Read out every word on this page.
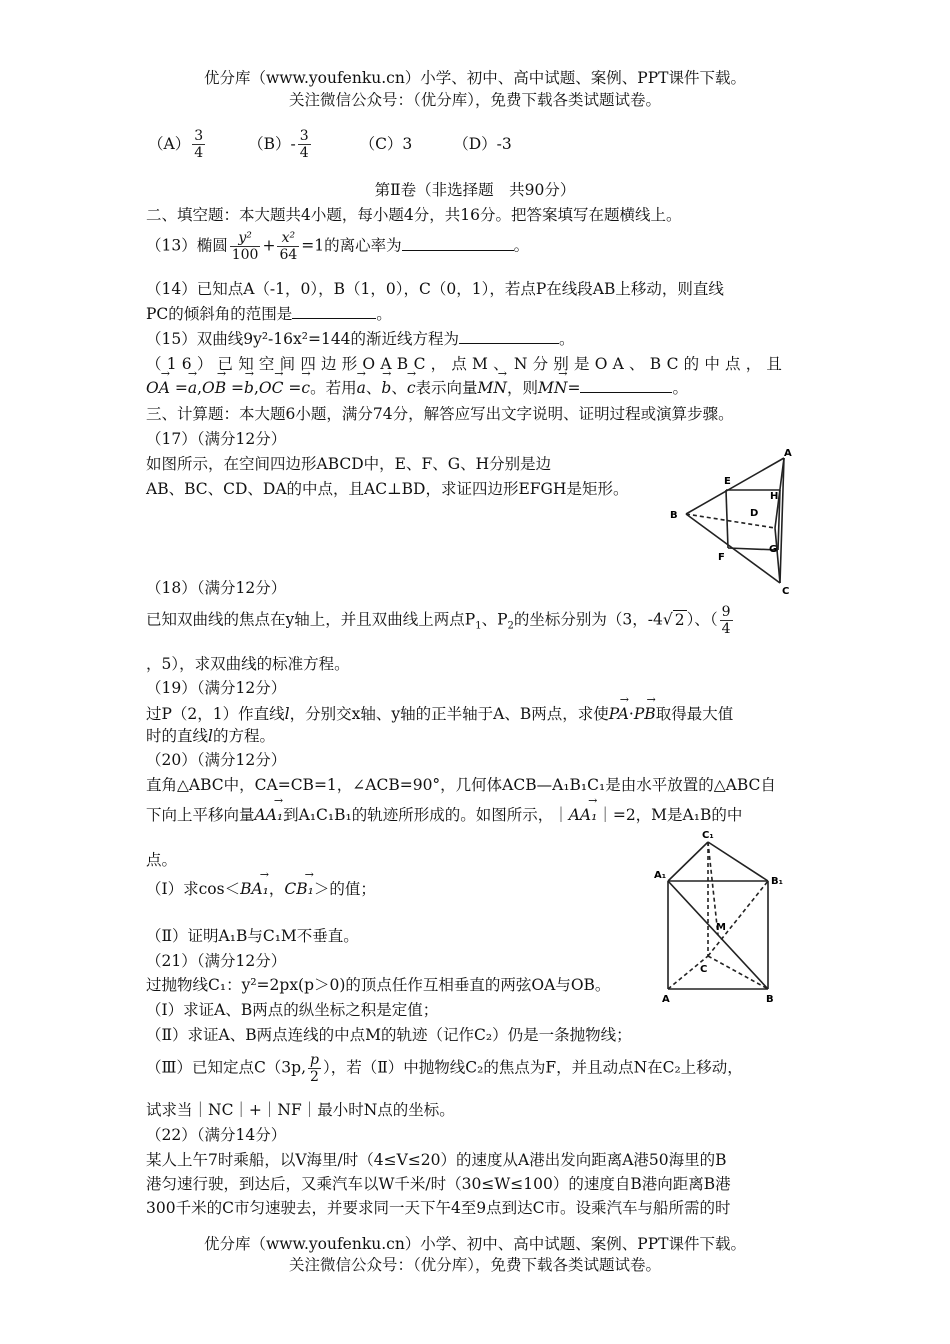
优分库（www.youfenku.cn）小学、初中、高中试题、案例、PPT课件下载。
关注微信公众号：（优分库），免费下载各类试题试卷。
$(A) \frac{3}{4}$	$(B)- \frac{3}{4}$	（C）3	（D）-3
第Ⅱ卷（非选择题　共90分）
二、填空题：本大题共4小题，每小题4分，共16分。把答案填写在题横线上。
（13）椭圆 $\frac{\text{y²}}{100} + \frac{\text{x²}}{64} =1$的离心率为	。
（14）已知点A（-1，0），B（1，0），C（0，1），若点P在线段AB上移动，则直线
PC的倾斜角的范围是	。
（15）双曲线9y²-16x²=144的渐近线方程为	。
（16）已知空间四边形OABC，点M、N分别是OA、BC的中点，且
→ OA =→ a,→ OB =→ b,→ OC =→ c。若用→ a、→ b、→ c表示向量→ MN，则→ MN=	。
三、计算题：本大题6小题，满分74分，解答应写出文字说明、证明过程或演算步骤。
（17）（满分12分）
如图所示，在空间四边形ABCD中，E、F、G、H分别是边
AB、BC、CD、DA的中点，且AC⊥BD，求证四边形EFGH是矩形。
A
B
C
D
E
F
G
H
（18）（满分12分）
已知双曲线的焦点在y轴上，并且双曲线上两点$P_1$、$P_2$的坐标分别为（3，-4√ 2 ）、（ $\frac{9}{4}$
，5），求双曲线的标准方程。
（19）（满分12分）
过P（2，1）作直线l，分别交x轴、y轴的正半轴于A、B两点，求使→ PA·→ PB取得最大值
时的直线l的方程。
（20）（满分12分）
直角△ABC中，CA=CB=1，∠ACB=90°，几何体ACB—A₁B₁C₁是由水平放置的△ABC自
下向上平移向量→ AA₁到A₁C₁B₁的轨迹所形成的。如图所示，｜→ AA₁｜=2，M是A₁B的中
点。
（Ⅰ）求cos＜→ BA₁，→ CB₁＞的值；
（Ⅱ）证明A₁B与C₁M不垂直。
C₁
A₁
B₁
M
C
A	B
（21）（满分12分）
过抛物线C₁：y²=2px(p＞0)的顶点任作互相垂直的两弦OA与OB。
（Ⅰ）求证A、B两点的纵坐标之积是定值；
（Ⅱ）求证A、B两点连线的中点M的轨迹（记作C₂）仍是一条抛物线；
（Ⅲ）已知定点C（3p, $\frac{p}{2}$ ），若（Ⅱ）中抛物线C₂的焦点为F，并且动点N在C₂上移动，
试求当｜NC｜+｜NF｜最小时N点的坐标。
（22）（满分14分）
某人上午7时乘船，以V海里/时（4≤V≤20）的速度从A港出发向距离A港50海里的B
港匀速行驶，到达后，又乘汽车以W千米/时（30≤W≤100）的速度自B港向距离B港
300千米的C市匀速驶去，并要求同一天下午4至9点到达C市。设乘汽车与船所需的时
优分库（www.youfenku.cn）小学、初中、高中试题、案例、PPT课件下载。
关注微信公众号：（优分库），免费下载各类试题试卷。
